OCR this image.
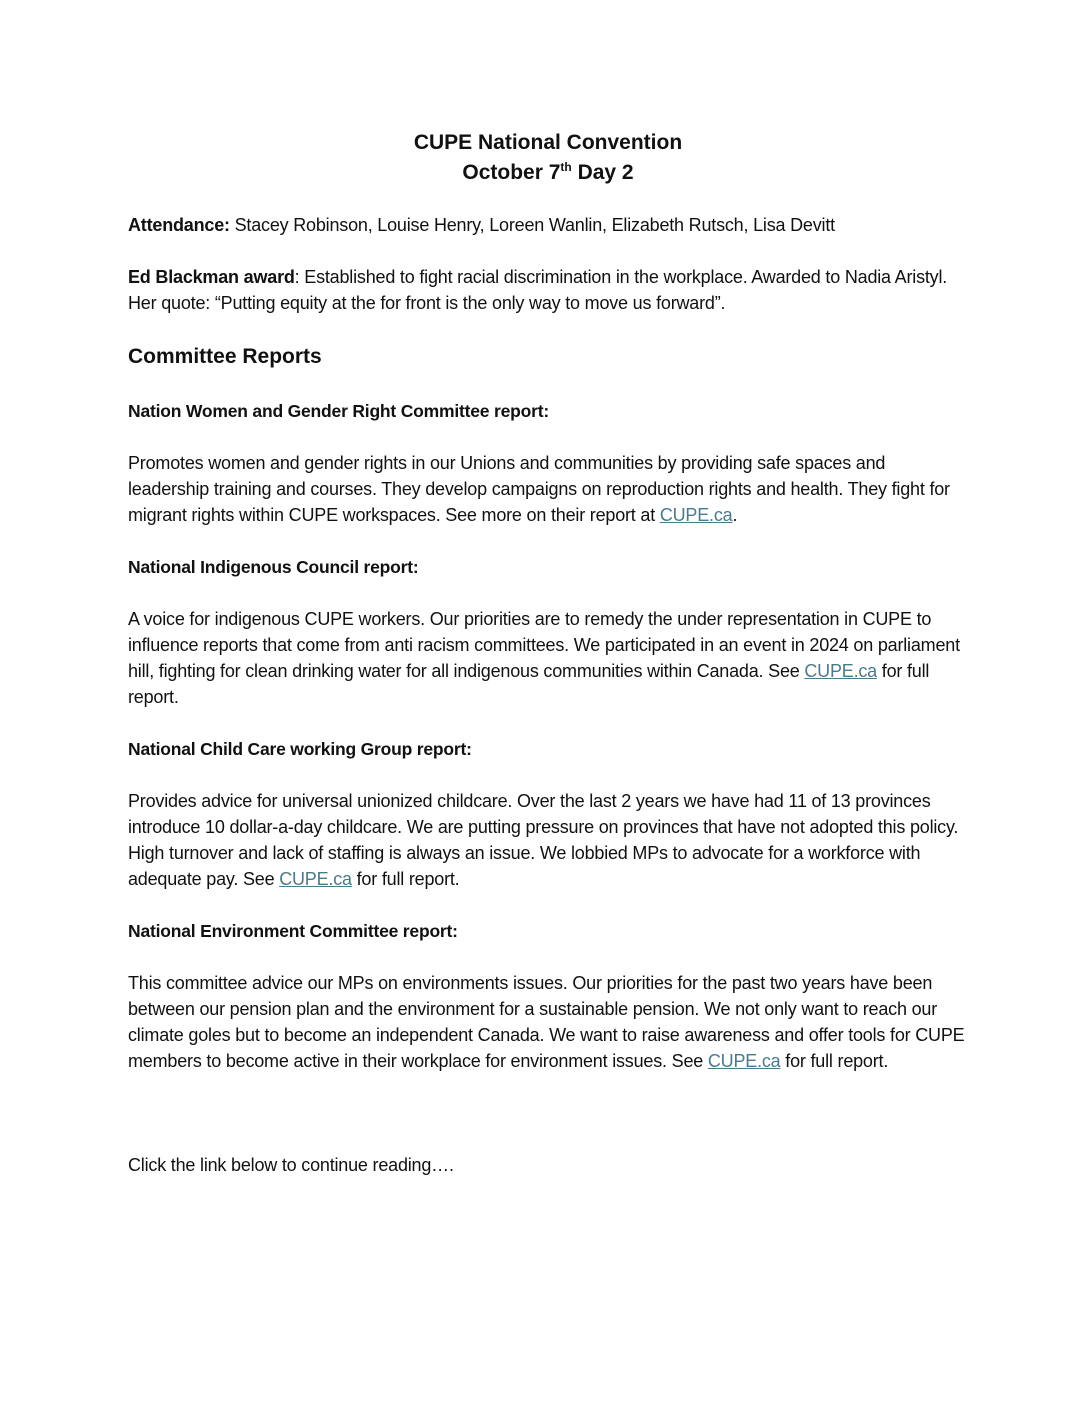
CUPE National Convention
October 7th Day 2

Attendance: Stacey Robinson, Louise Henry, Loreen Wanlin, Elizabeth Rutsch, Lisa Devitt

Ed Blackman award: Established to fight racial discrimination in the workplace. Awarded to Nadia Aristyl. Her quote: “Putting equity at the for front is the only way to move us forward”.

Committee Reports

Nation Women and Gender Right Committee report:

Promotes women and gender rights in our Unions and communities by providing safe spaces and leadership training and courses. They develop campaigns on reproduction rights and health. They fight for migrant rights within CUPE workspaces. See more on their report at CUPE.ca.

National Indigenous Council report:

A voice for indigenous CUPE workers. Our priorities are to remedy the under representation in CUPE to influence reports that come from anti racism committees. We participated in an event in 2024 on parliament hill, fighting for clean drinking water for all indigenous communities within Canada. See CUPE.ca for full report.

National Child Care working Group report:

Provides advice for universal unionized childcare. Over the last 2 years we have had 11 of 13 provinces introduce 10 dollar-a-day childcare. We are putting pressure on provinces that have not adopted this policy. High turnover and lack of staffing is always an issue. We lobbied MPs to advocate for a workforce with adequate pay. See CUPE.ca for full report.

National Environment Committee report:

This committee advice our MPs on environments issues. Our priorities for the past two years have been between our pension plan and the environment for a sustainable pension. We not only want to reach our climate goles but to become an independent Canada. We want to raise awareness and offer tools for CUPE members to become active in their workplace for environment issues. See CUPE.ca for full report.

Click the link below to continue reading….
